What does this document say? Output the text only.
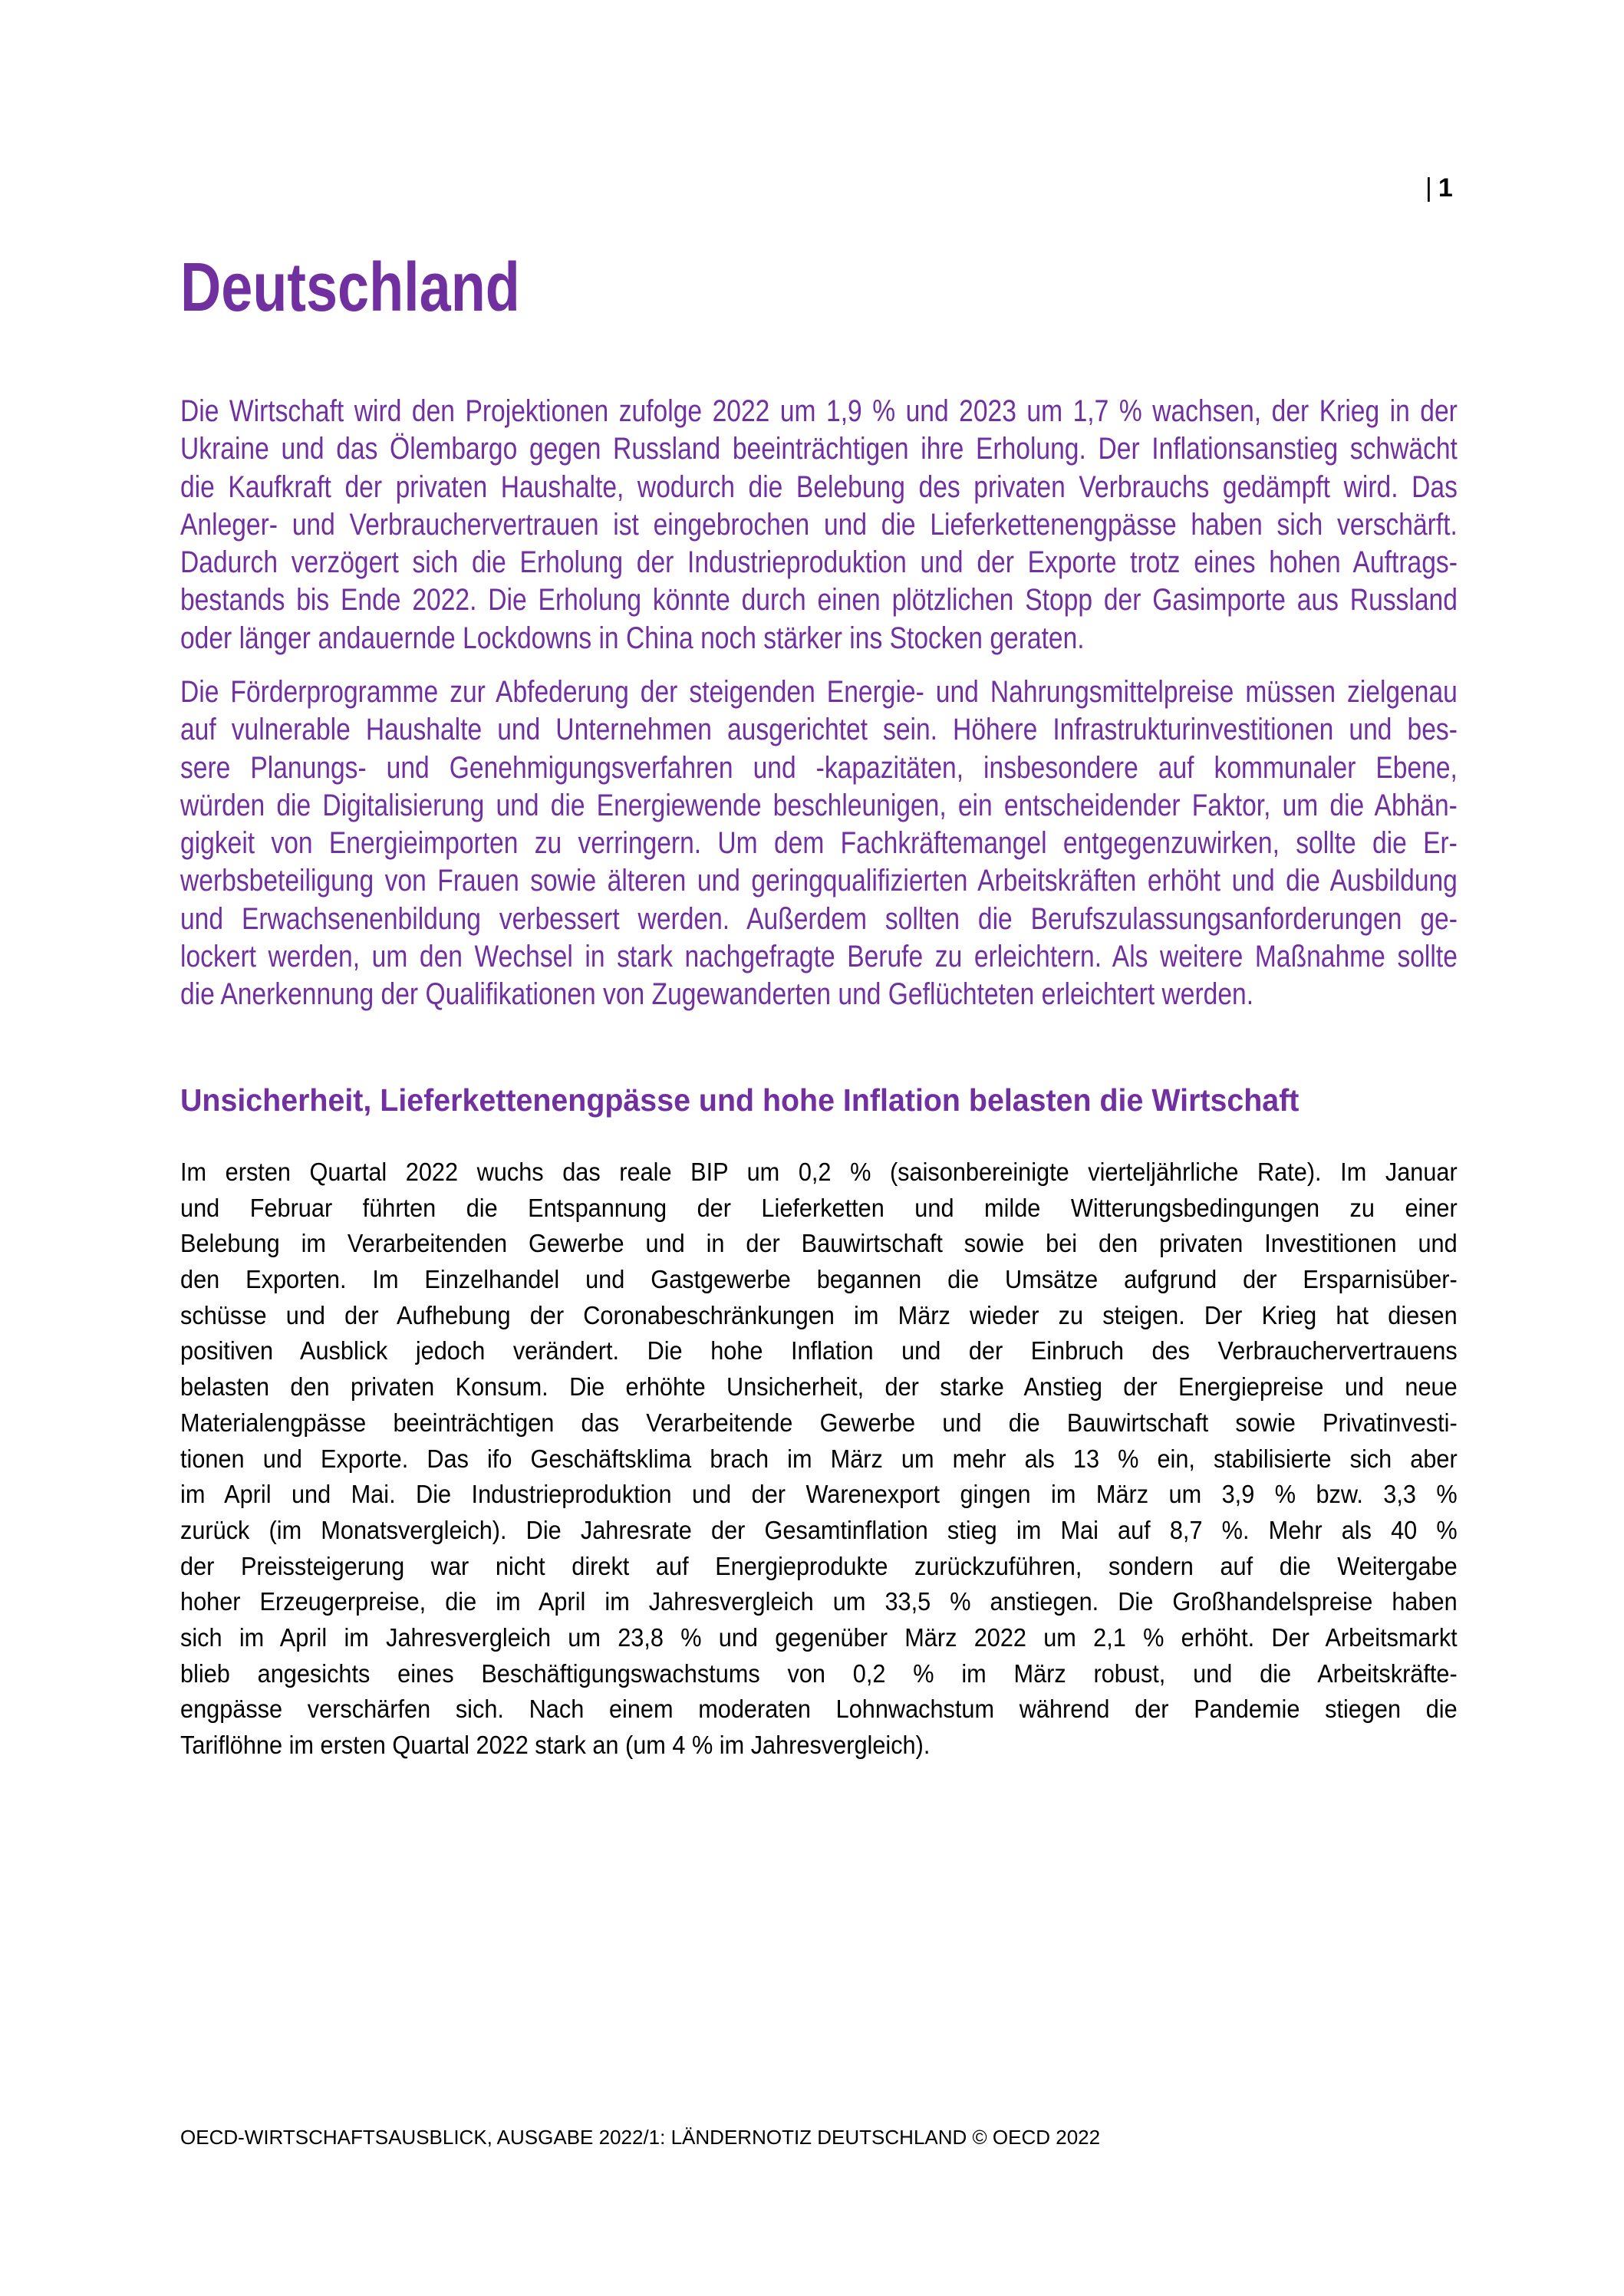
| 1
Deutschland
Die Wirtschaft wird den Projektionen zufolge 2022 um 1,9 % und 2023 um 1,7 % wachsen, der Krieg in der
Ukraine und das Ölembargo gegen Russland beeinträchtigen ihre Erholung. Der Inflationsanstieg schwächt
die Kaufkraft der privaten Haushalte, wodurch die Belebung des privaten Verbrauchs gedämpft wird. Das
Anleger- und Verbrauchervertrauen ist eingebrochen und die Lieferkettenengpässe haben sich verschärft.
Dadurch verzögert sich die Erholung der Industrieproduktion und der Exporte trotz eines hohen Auftrags-
bestands bis Ende 2022. Die Erholung könnte durch einen plötzlichen Stopp der Gasimporte aus Russland
oder länger andauernde Lockdowns in China noch stärker ins Stocken geraten.
Die Förderprogramme zur Abfederung der steigenden Energie- und Nahrungsmittelpreise müssen zielgenau
auf vulnerable Haushalte und Unternehmen ausgerichtet sein. Höhere Infrastrukturinvestitionen und bes-
sere Planungs- und Genehmigungsverfahren und -kapazitäten, insbesondere auf kommunaler Ebene,
würden die Digitalisierung und die Energiewende beschleunigen, ein entscheidender Faktor, um die Abhän-
gigkeit von Energieimporten zu verringern. Um dem Fachkräftemangel entgegenzuwirken, sollte die Er-
werbsbeteiligung von Frauen sowie älteren und geringqualifizierten Arbeitskräften erhöht und die Ausbildung
und Erwachsenenbildung verbessert werden. Außerdem sollten die Berufszulassungsanforderungen ge-
lockert werden, um den Wechsel in stark nachgefragte Berufe zu erleichtern. Als weitere Maßnahme sollte
die Anerkennung der Qualifikationen von Zugewanderten und Geflüchteten erleichtert werden.
Unsicherheit, Lieferkettenengpässe und hohe Inflation belasten die Wirtschaft
Im ersten Quartal 2022 wuchs das reale BIP um 0,2 % (saisonbereinigte vierteljährliche Rate). Im Januar
und Februar führten die Entspannung der Lieferketten und milde Witterungsbedingungen zu einer
Belebung im Verarbeitenden Gewerbe und in der Bauwirtschaft sowie bei den privaten Investitionen und
den Exporten. Im Einzelhandel und Gastgewerbe begannen die Umsätze aufgrund der Ersparnisüber-
schüsse und der Aufhebung der Coronabeschränkungen im März wieder zu steigen. Der Krieg hat diesen
positiven Ausblick jedoch verändert. Die hohe Inflation und der Einbruch des Verbrauchervertrauens
belasten den privaten Konsum. Die erhöhte Unsicherheit, der starke Anstieg der Energiepreise und neue
Materialengpässe beeinträchtigen das Verarbeitende Gewerbe und die Bauwirtschaft sowie Privatinvesti-
tionen und Exporte. Das ifo Geschäftsklima brach im März um mehr als 13 % ein, stabilisierte sich aber
im April und Mai. Die Industrieproduktion und der Warenexport gingen im März um 3,9 % bzw. 3,3 %
zurück (im Monatsvergleich). Die Jahresrate der Gesamtinflation stieg im Mai auf 8,7 %. Mehr als 40 %
der Preissteigerung war nicht direkt auf Energieprodukte zurückzuführen, sondern auf die Weitergabe
hoher Erzeugerpreise, die im April im Jahresvergleich um 33,5 % anstiegen. Die Großhandelspreise haben
sich im April im Jahresvergleich um 23,8 % und gegenüber März 2022 um 2,1 % erhöht. Der Arbeitsmarkt
blieb angesichts eines Beschäftigungswachstums von 0,2 % im März robust, und die Arbeitskräfte-
engpässe verschärfen sich. Nach einem moderaten Lohnwachstum während der Pandemie stiegen die
Tariflöhne im ersten Quartal 2022 stark an (um 4 % im Jahresvergleich).
OECD-WIRTSCHAFTSAUSBLICK, AUSGABE 2022/1: LÄNDERNOTIZ DEUTSCHLAND © OECD 2022
